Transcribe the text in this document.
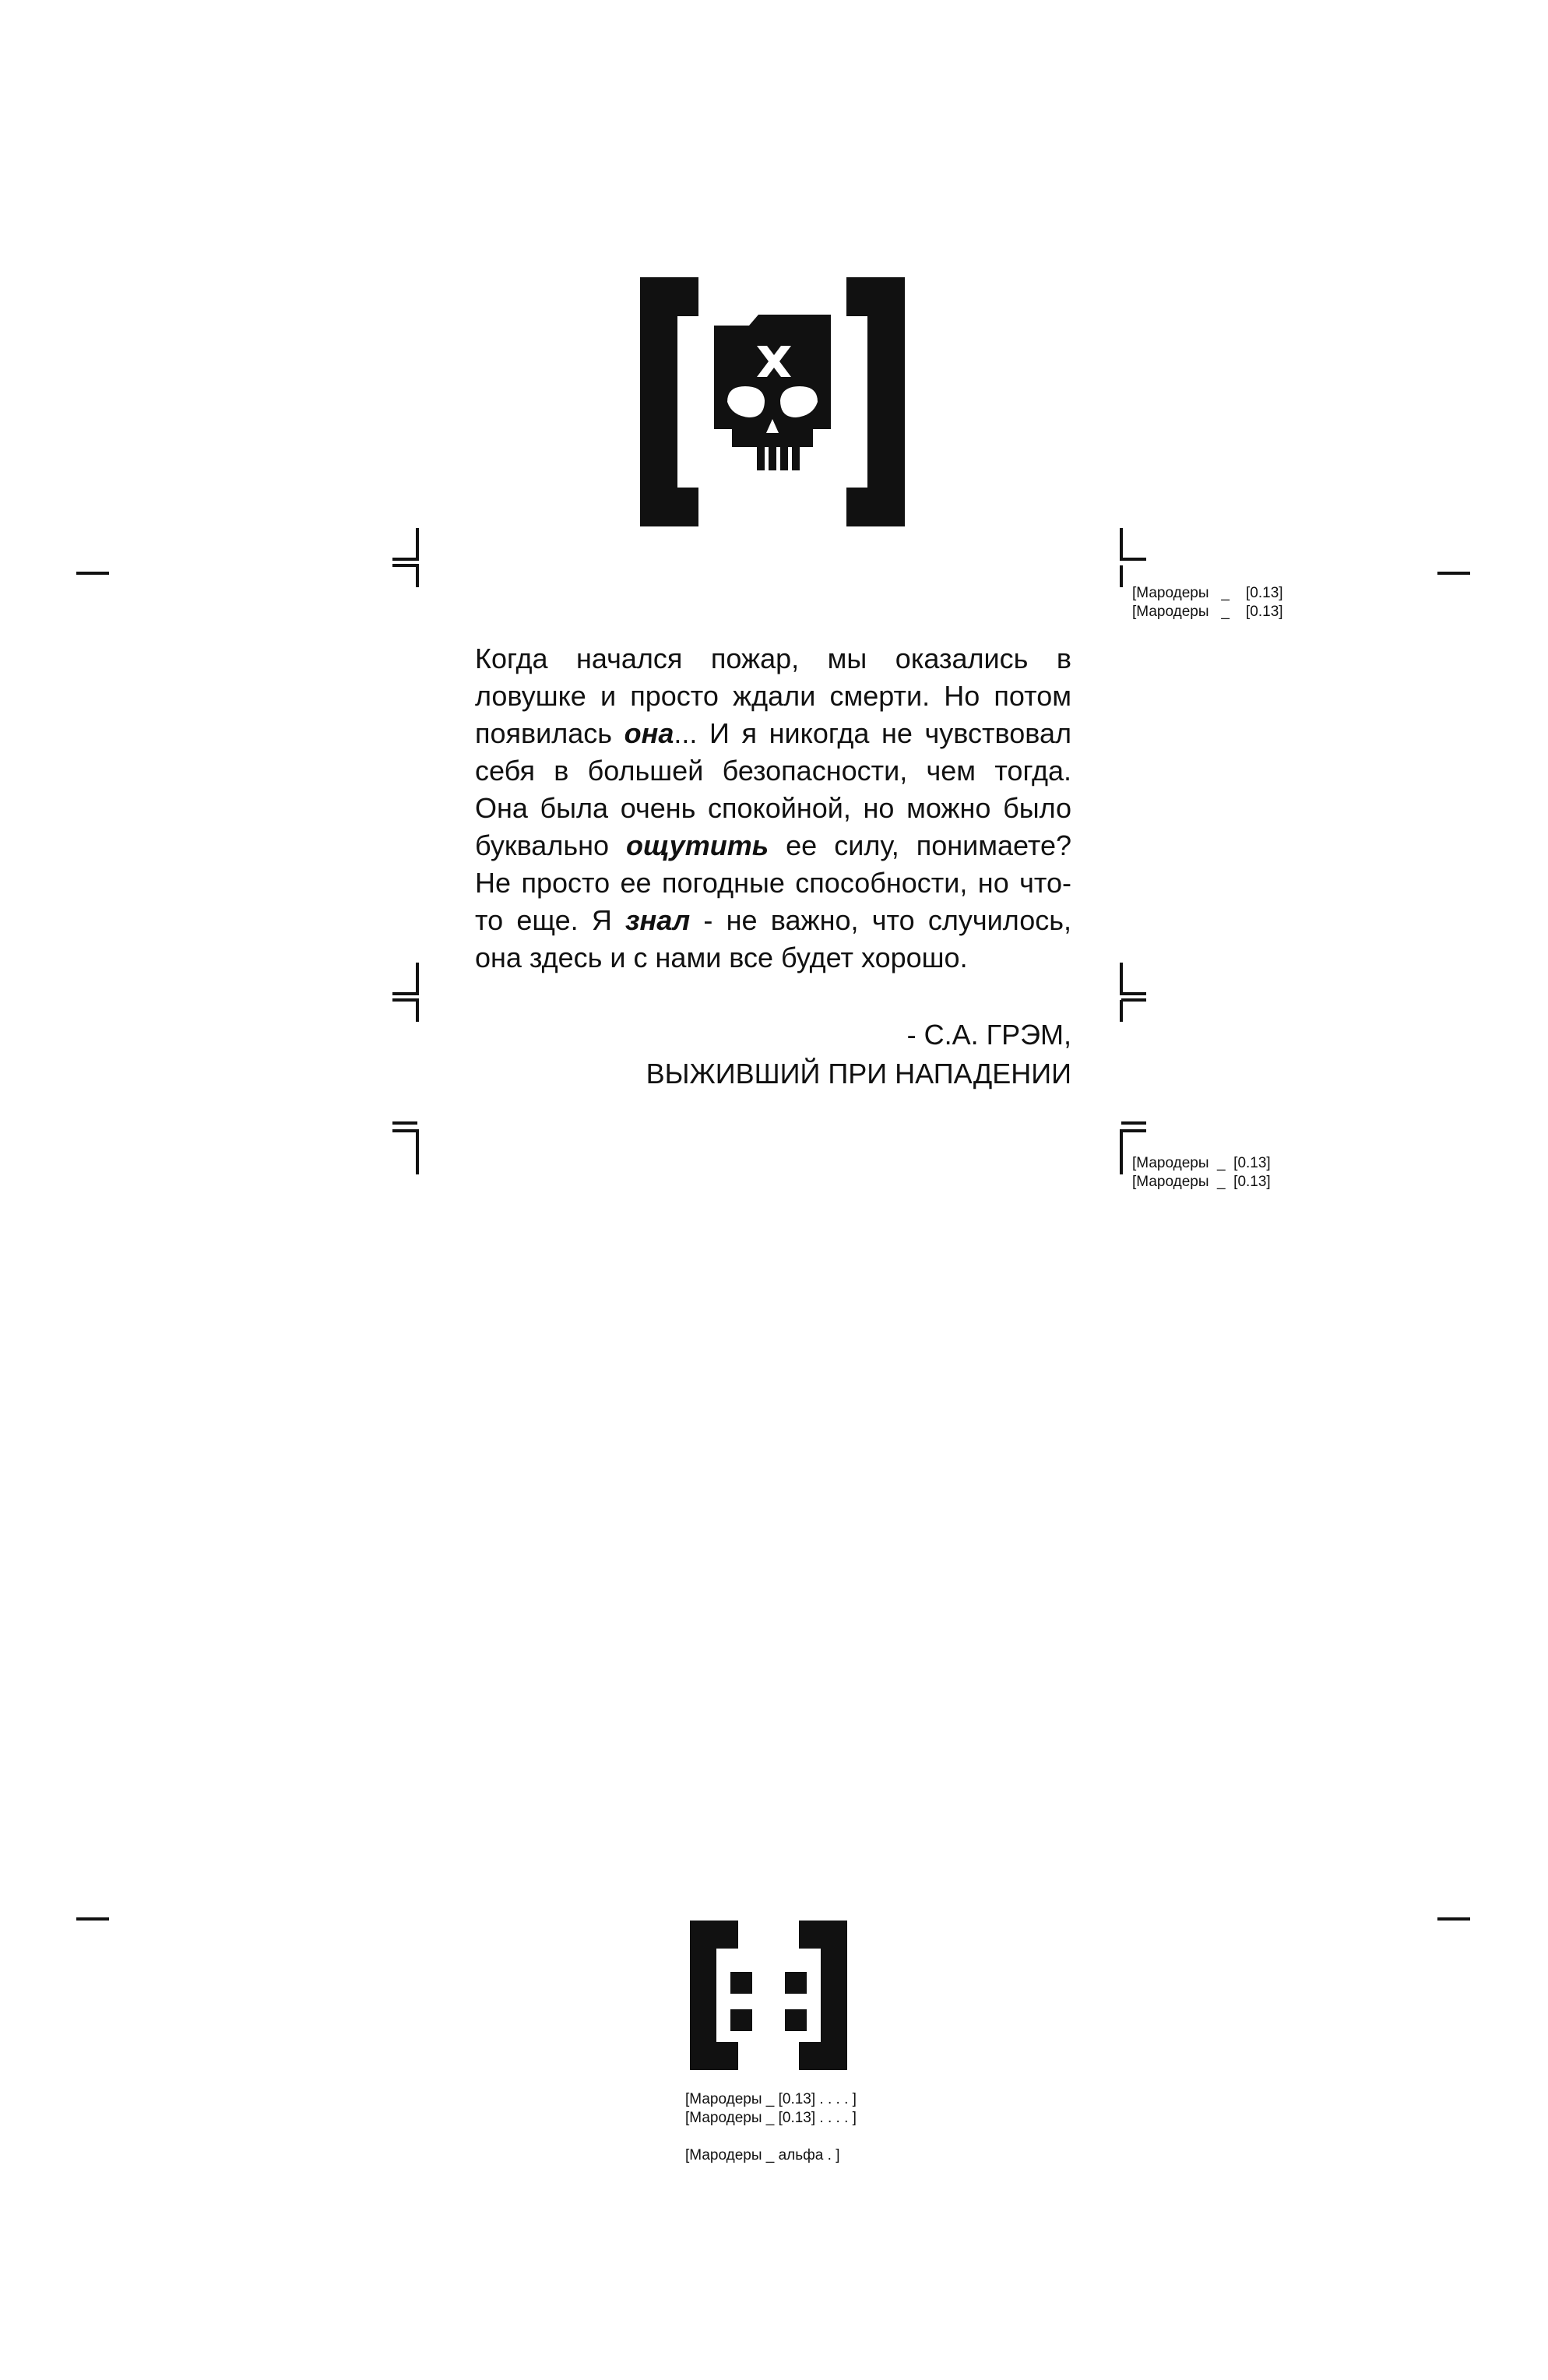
[Мародеры   _    [0.13]
[Мародеры   _    [0.13]
Когда начался пожар, мы оказались в ловушке и просто ждали смерти. Но потом появилась она... И я никогда не чувствовал себя в большей безопасности, чем тогда. Она была очень спокойной, но можно было буквально ощутить ее силу, понимаете? Не просто ее погодные способности, но что-то еще. Я знал - не важно, что случилось, она здесь и с нами все будет хорошо.
- С.А. ГРЭМ,
ВЫЖИВШИЙ ПРИ НАПАДЕНИИ
[Мародеры  _  [0.13]
[Мародеры  _  [0.13]
[Мародеры _ [0.13] . . . . ]
[Мародеры _ [0.13] . . . . ]
[Мародеры _ альфа . ]
